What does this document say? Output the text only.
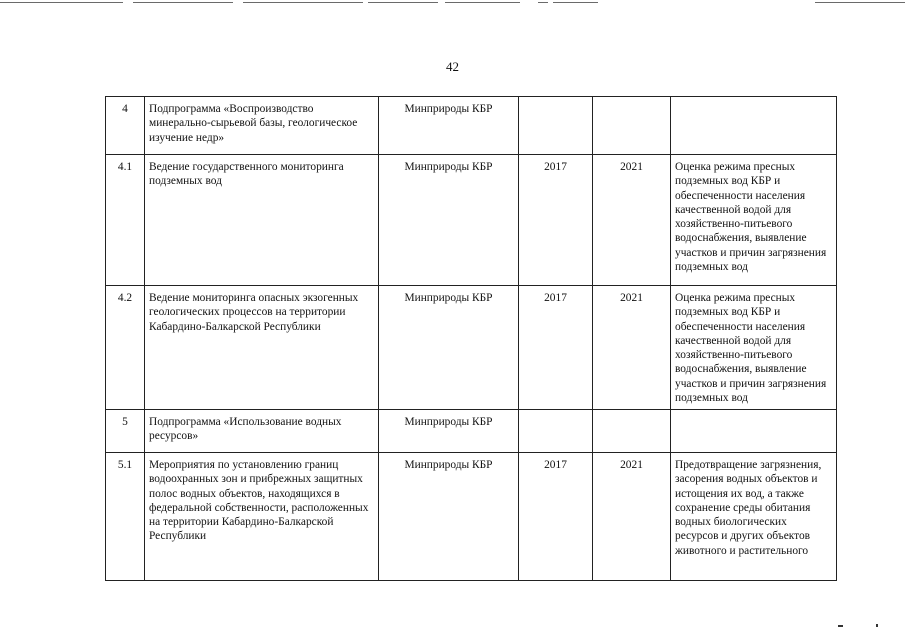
42
4	Подпрограмма «Воспроизводство минерально-сырьевой базы, геологическое изучение недр»	Минприроды КБР			
4.1	Ведение государственного мониторинга подземных вод	Минприроды КБР	2017	2021	Оценка режима пресных подземных вод КБР и обеспеченности населения качественной водой для хозяйственно-питьевого водоснабжения, выявление участков и причин загрязнения подземных вод
4.2	Ведение мониторинга опасных экзогенных геологических процессов на территории Кабардино-Балкарской Республики	Минприроды КБР	2017	2021	Оценка режима пресных подземных вод КБР и обеспеченности населения качественной водой для хозяйственно-питьевого водоснабжения, выявление участков и причин загрязнения подземных вод
5	Подпрограмма «Использование водных ресурсов»	Минприроды КБР			
5.1	Мероприятия по установлению границ водоохранных зон и прибрежных защитных полос водных объектов, находящихся в федеральной собственности, расположенных на территории Кабардино-Балкарской Республики	Минприроды КБР	2017	2021	Предотвращение загрязнения, засорения водных объектов и истощения их вод, а также сохранение среды обитания водных биологических ресурсов и других объектов животного и растительного
